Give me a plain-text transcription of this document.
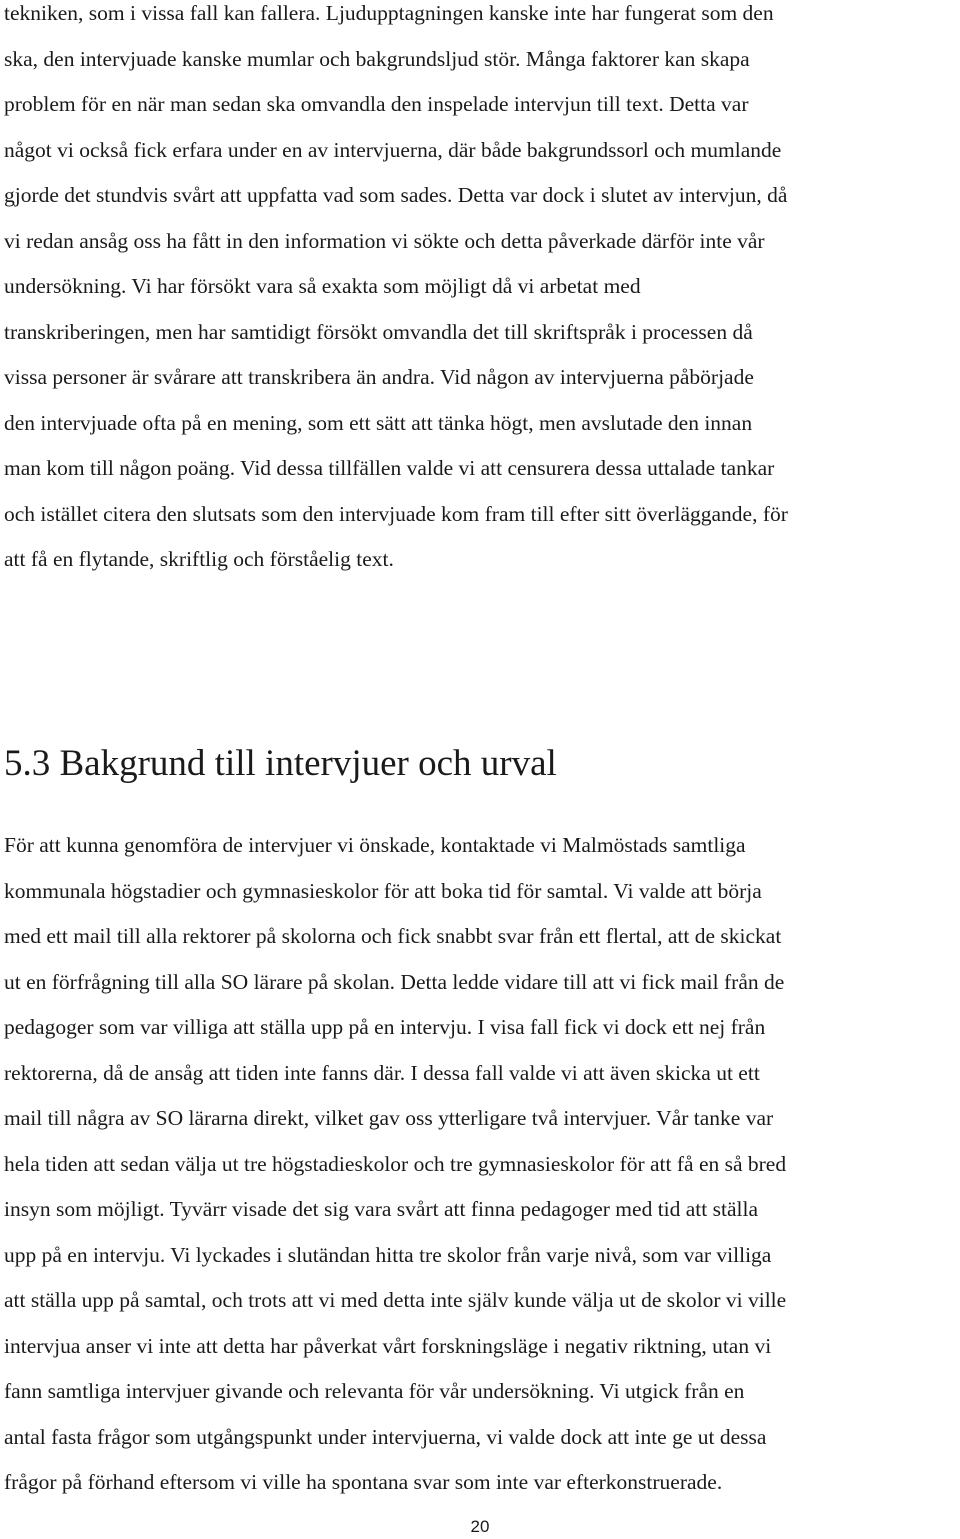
tekniken, som i vissa fall kan fallera. Ljudupptagningen kanske inte har fungerat som den
ska, den intervjuade kanske mumlar och bakgrundsljud stör. Många faktorer kan skapa
problem för en när man sedan ska omvandla den inspelade intervjun till text. Detta var
något vi också fick erfara under en av intervjuerna, där både bakgrundssorl och mumlande
gjorde det stundvis svårt att uppfatta vad som sades. Detta var dock i slutet av intervjun, då
vi redan ansåg oss ha fått in den information vi sökte och detta påverkade därför inte vår
undersökning. Vi har försökt vara så exakta som möjligt då vi arbetat med
transkriberingen, men har samtidigt försökt omvandla det till skriftspråk i processen då
vissa personer är svårare att transkribera än andra. Vid någon av intervjuerna påbörjade
den intervjuade ofta på en mening, som ett sätt att tänka högt, men avslutade den innan
man kom till någon poäng. Vid dessa tillfällen valde vi att censurera dessa uttalade tankar
och istället citera den slutsats som den intervjuade kom fram till efter sitt överläggande, för
att få en flytande, skriftlig och förståelig text.

5.3 Bakgrund till intervjuer och urval

För att kunna genomföra de intervjuer vi önskade, kontaktade vi Malmöstads samtliga
kommunala högstadier och gymnasieskolor för att boka tid för samtal. Vi valde att börja
med ett mail till alla rektorer på skolorna och fick snabbt svar från ett flertal, att de skickat
ut en förfrågning till alla SO lärare på skolan. Detta ledde vidare till att vi fick mail från de
pedagoger som var villiga att ställa upp på en intervju. I visa fall fick vi dock ett nej från
rektorerna, då de ansåg att tiden inte fanns där. I dessa fall valde vi att även skicka ut ett
mail till några av SO lärarna direkt, vilket gav oss ytterligare två intervjuer. Vår tanke var
hela tiden att sedan välja ut tre högstadieskolor och tre gymnasieskolor för att få en så bred
insyn som möjligt. Tyvärr visade det sig vara svårt att finna pedagoger med tid att ställa
upp på en intervju. Vi lyckades i slutändan hitta tre skolor från varje nivå, som var villiga
att ställa upp på samtal, och trots att vi med detta inte själv kunde välja ut de skolor vi ville
intervjua anser vi inte att detta har påverkat vårt forskningsläge i negativ riktning, utan vi
fann samtliga intervjuer givande och relevanta för vår undersökning. Vi utgick från en
antal fasta frågor som utgångspunkt under intervjuerna, vi valde dock att inte ge ut dessa
frågor på förhand eftersom vi ville ha spontana svar som inte var efterkonstruerade.

20
